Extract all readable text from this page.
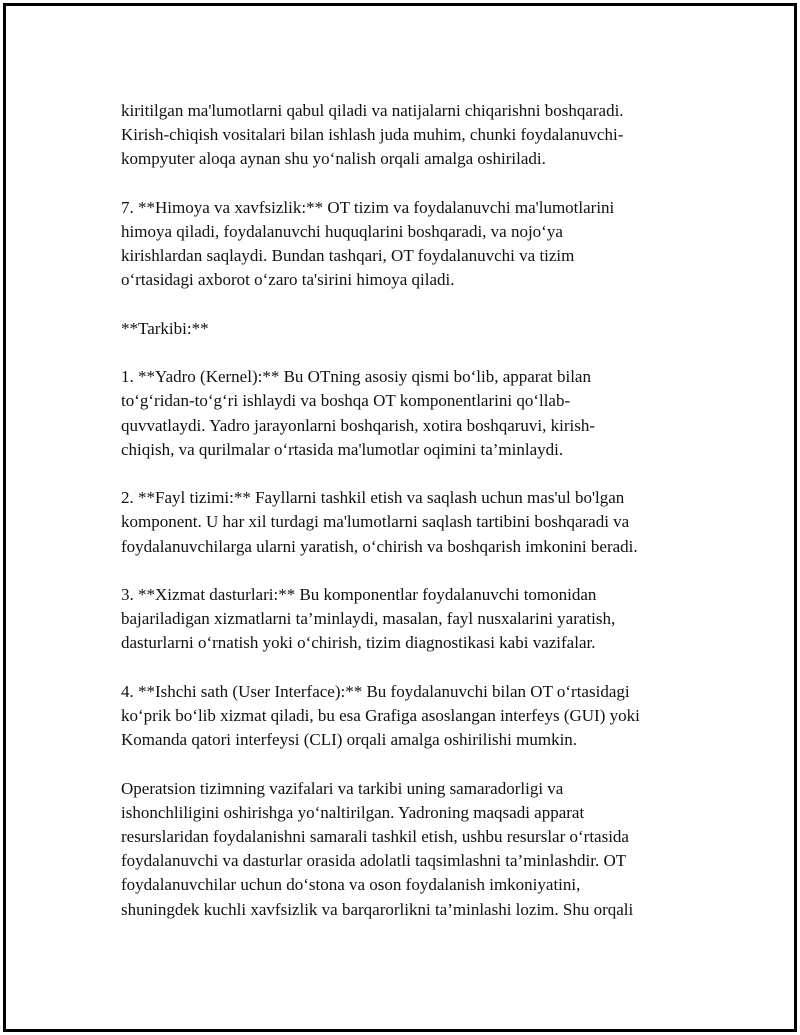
kiritilgan ma'lumotlarni qabul qiladi va natijalarni chiqarishni boshqaradi.
Kirish-chiqish vositalari bilan ishlash juda muhim, chunki foydalanuvchi-
kompyuter aloqa aynan shu yo‘nalish orqali amalga oshiriladi.

7. **Himoya va xavfsizlik:** OT tizim va foydalanuvchi ma'lumotlarini
himoya qiladi, foydalanuvchi huquqlarini boshqaradi, va nojo‘ya
kirishlardan saqlaydi. Bundan tashqari, OT foydalanuvchi va tizim
o‘rtasidagi axborot o‘zaro ta'sirini himoya qiladi.

**Tarkibi:**

1. **Yadro (Kernel):** Bu OTning asosiy qismi bo‘lib, apparat bilan
to‘g‘ridan-to‘g‘ri ishlaydi va boshqa OT komponentlarini qo‘llab-
quvvatlaydi. Yadro jarayonlarni boshqarish, xotira boshqaruvi, kirish-
chiqish, va qurilmalar o‘rtasida ma'lumotlar oqimini ta’minlaydi.

2. **Fayl tizimi:** Fayllarni tashkil etish va saqlash uchun mas'ul bo'lgan
komponent. U har xil turdagi ma'lumotlarni saqlash tartibini boshqaradi va
foydalanuvchilarga ularni yaratish, o‘chirish va boshqarish imkonini beradi.

3. **Xizmat dasturlari:** Bu komponentlar foydalanuvchi tomonidan
bajariladigan xizmatlarni ta’minlaydi, masalan, fayl nusxalarini yaratish,
dasturlarni o‘rnatish yoki o‘chirish, tizim diagnostikasi kabi vazifalar.

4. **Ishchi sath (User Interface):** Bu foydalanuvchi bilan OT o‘rtasidagi
ko‘prik bo‘lib xizmat qiladi, bu esa Grafiga asoslangan interfeys (GUI) yoki
Komanda qatori interfeysi (CLI) orqali amalga oshirilishi mumkin.

Operatsion tizimning vazifalari va tarkibi uning samaradorligi va
ishonchliligini oshirishga yo‘naltirilgan. Yadroning maqsadi apparat
resurslaridan foydalanishni samarali tashkil etish, ushbu resurslar o‘rtasida
foydalanuvchi va dasturlar orasida adolatli taqsimlashni ta’minlashdir. OT
foydalanuvchilar uchun do‘stona va oson foydalanish imkoniyatini,
shuningdek kuchli xavfsizlik va barqarorlikni ta’minlashi lozim. Shu orqali
